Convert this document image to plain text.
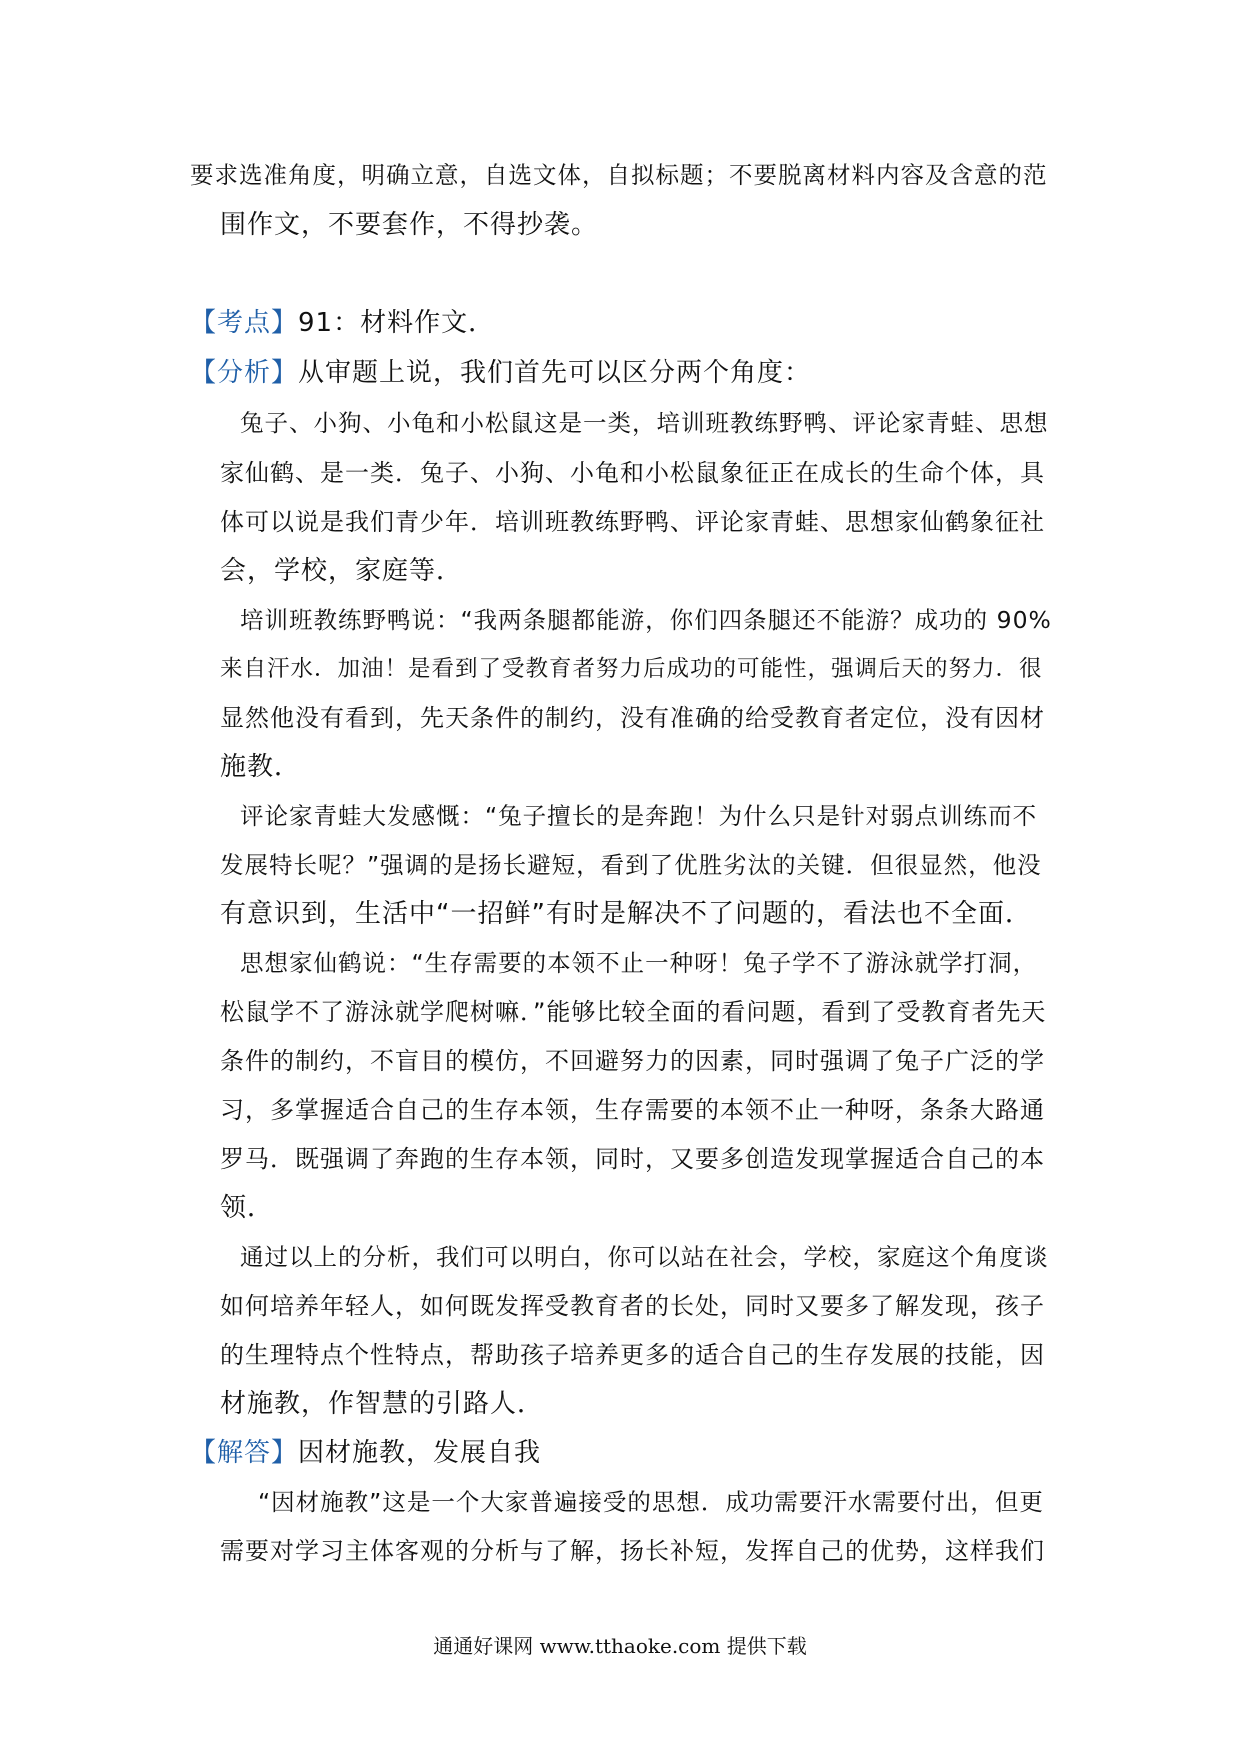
要求选准角度，明确立意，自选文体，自拟标题；不要脱离材料内容及含意的范
围作文，不要套作，不得抄袭。
【考点】91：材料作文．
【分析】从审题上说，我们首先可以区分两个角度：
兔子、小狗、小龟和小松鼠这是一类，培训班教练野鸭、评论家青蛙、思想
家仙鹤、是一类．兔子、小狗、小龟和小松鼠象征正在成长的生命个体，具
体可以说是我们青少年．培训班教练野鸭、评论家青蛙、思想家仙鹤象征社
会，学校，家庭等．
培训班教练野鸭说：“我两条腿都能游，你们四条腿还不能游？成功的 90%
来自汗水．加油！是看到了受教育者努力后成功的可能性，强调后天的努力．很
显然他没有看到，先天条件的制约，没有准确的给受教育者定位，没有因材
施教．
评论家青蛙大发感慨：“兔子擅长的是奔跑！为什么只是针对弱点训练而不
发展特长呢？”强调的是扬长避短，看到了优胜劣汰的关键．但很显然，他没
有意识到，生活中“一招鲜”有时是解决不了问题的，看法也不全面．
思想家仙鹤说：“生存需要的本领不止一种呀！兔子学不了游泳就学打洞，
松鼠学不了游泳就学爬树嘛．”能够比较全面的看问题，看到了受教育者先天
条件的制约，不盲目的模仿，不回避努力的因素，同时强调了兔子广泛的学
习，多掌握适合自己的生存本领，生存需要的本领不止一种呀，条条大路通
罗马．既强调了奔跑的生存本领，同时，又要多创造发现掌握适合自己的本
领．
通过以上的分析，我们可以明白，你可以站在社会，学校，家庭这个角度谈
如何培养年轻人，如何既发挥受教育者的长处，同时又要多了解发现，孩子
的生理特点个性特点，帮助孩子培养更多的适合自己的生存发展的技能，因
材施教，作智慧的引路人．
【解答】因材施教，发展自我
“因材施教”这是一个大家普遍接受的思想．成功需要汗水需要付出，但更
需要对学习主体客观的分析与了解，扬长补短，发挥自己的优势，这样我们
通通好课网 www.tthaoke.com 提供下载
